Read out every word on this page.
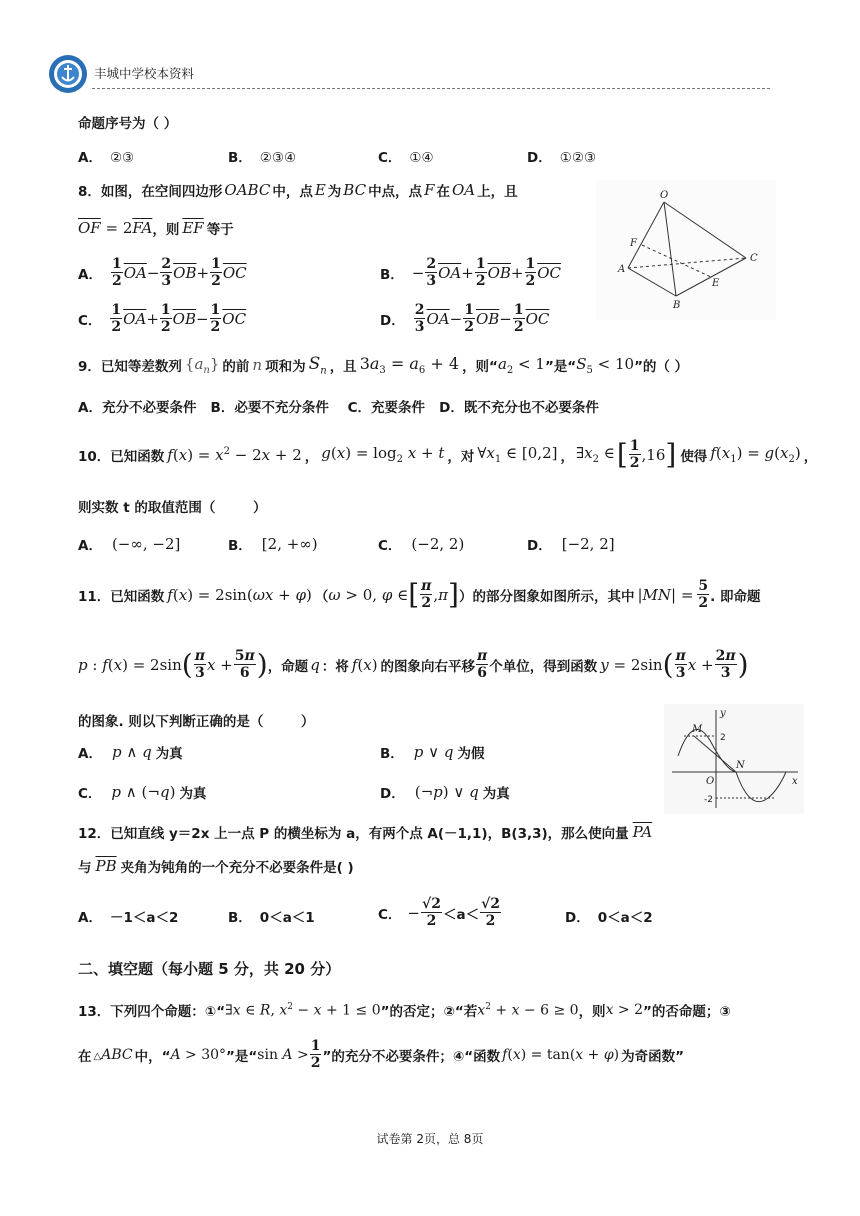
丰城中学校本资料
命题序号为（ ）
A． ②③	B． ②③④	C． ①④	D． ①②③
8． 如图，在空间四边形 OABC 中，点 E 为 BC 中点，点 F 在 OA 上，且
$\overline{OF} = 2\overline{FA}$ ，则 $\overline{EF}$ 等于
A． $\frac{1}{2} \overline{OA} - \frac{2}{3} \overline{OB} + \frac{1}{2} \overline{OC}$	B． − $\frac{2}{3} \overline{OA} + \frac{1}{2} \overline{OB} + \frac{1}{2} \overline{OC}$
C． $\frac{1}{2} \overline{OA} + \frac{1}{2} \overline{OB} - \frac{1}{2} \overline{OC}$	D． $\frac{2}{3} \overline{OA} - \frac{1}{2} \overline{OB} - \frac{1}{2} \overline{OC}$
O
A
B
C
E
F
9． 已知等差数列 $\{a_n\}$ 的前 n 项和为 $S_n$ ，且 $3a_3 = a_6 + 4$ ，则“ $a_2 < 1$ ”是“ $S_5 < 10$ ”的（ ）
A．充分不必要条件   B．必要不充分条件    C．充要条件   D．既不充分也不必要条件
10． 已知函数 $f(x) = x^2 - 2x + 2$ ， $g(x) = \log_2 x + t$ ，对 $\forall x_1$ ∈ [0,2] ， $\exists x_2$ ∈ [ $\frac{1}{2} ,16$ ] 使得 $f(x_1) = g(x_2)$ ，
则实数 t 的取值范围（        ）
A． (−∞, −2]	B． [2, +∞)	C． (−2, 2)	D． [−2, 2]
11． 已知函数 f(x) = 2sin(ωx + φ) （ ω > 0, φ ∈ [ $\frac{\pi}{2}$ , π ] ）的部分图象如图所示，其中 $|MN| = \frac{5}{2}$ . 即命题
p : f(x) = 2sin ( $\frac{\pi}{3}$ $x + \frac{5\pi}{6}$ ) ，命题 q ：将 f(x) 的图象向右平移 $\frac{\pi}{6}$ 个单位，得到函数 y = 2sin ( $\frac{\pi}{3}$ $x + \frac{2\pi}{3}$ )
的图象. 则以下判断正确的是（        ）
A． p ∧ q 为真	B． p ∨ q 为假
C． p ∧ (¬q) 为真	D． (¬p) ∨ q 为真
y
M
N
O	x
2
-2
12． 已知直线 y＝2x 上一点 P 的横坐标为 a，有两个点 A(－1,1)，B(3,3)，那么使向量 $\overline{PA}$
与 $\overline{PB}$ 夹角为钝角的一个充分不必要条件是( )
A． －1＜a＜2	B． 0＜a＜1	C． − $\frac{√2}{2} <a< \frac{√2}{2}$	D． 0＜a＜2
二、填空题（每小题 5 分，共 20 分）
13． 下列四个命题：①“ ∃x ∈ R, $x^2 - x + 1 \le 0$ ”的否定；②“若 $x^2 + x - 6 \ge 0$ ，则 x > 2 ”的否命题；③
在 △ABC 中，“ A > 30° ”是“ $\sin A > \frac{1}{2}$ ”的充分不必要条件；④“函数 f(x) = tan(x + φ) 为奇函数”
试卷第 2页，总 8页
